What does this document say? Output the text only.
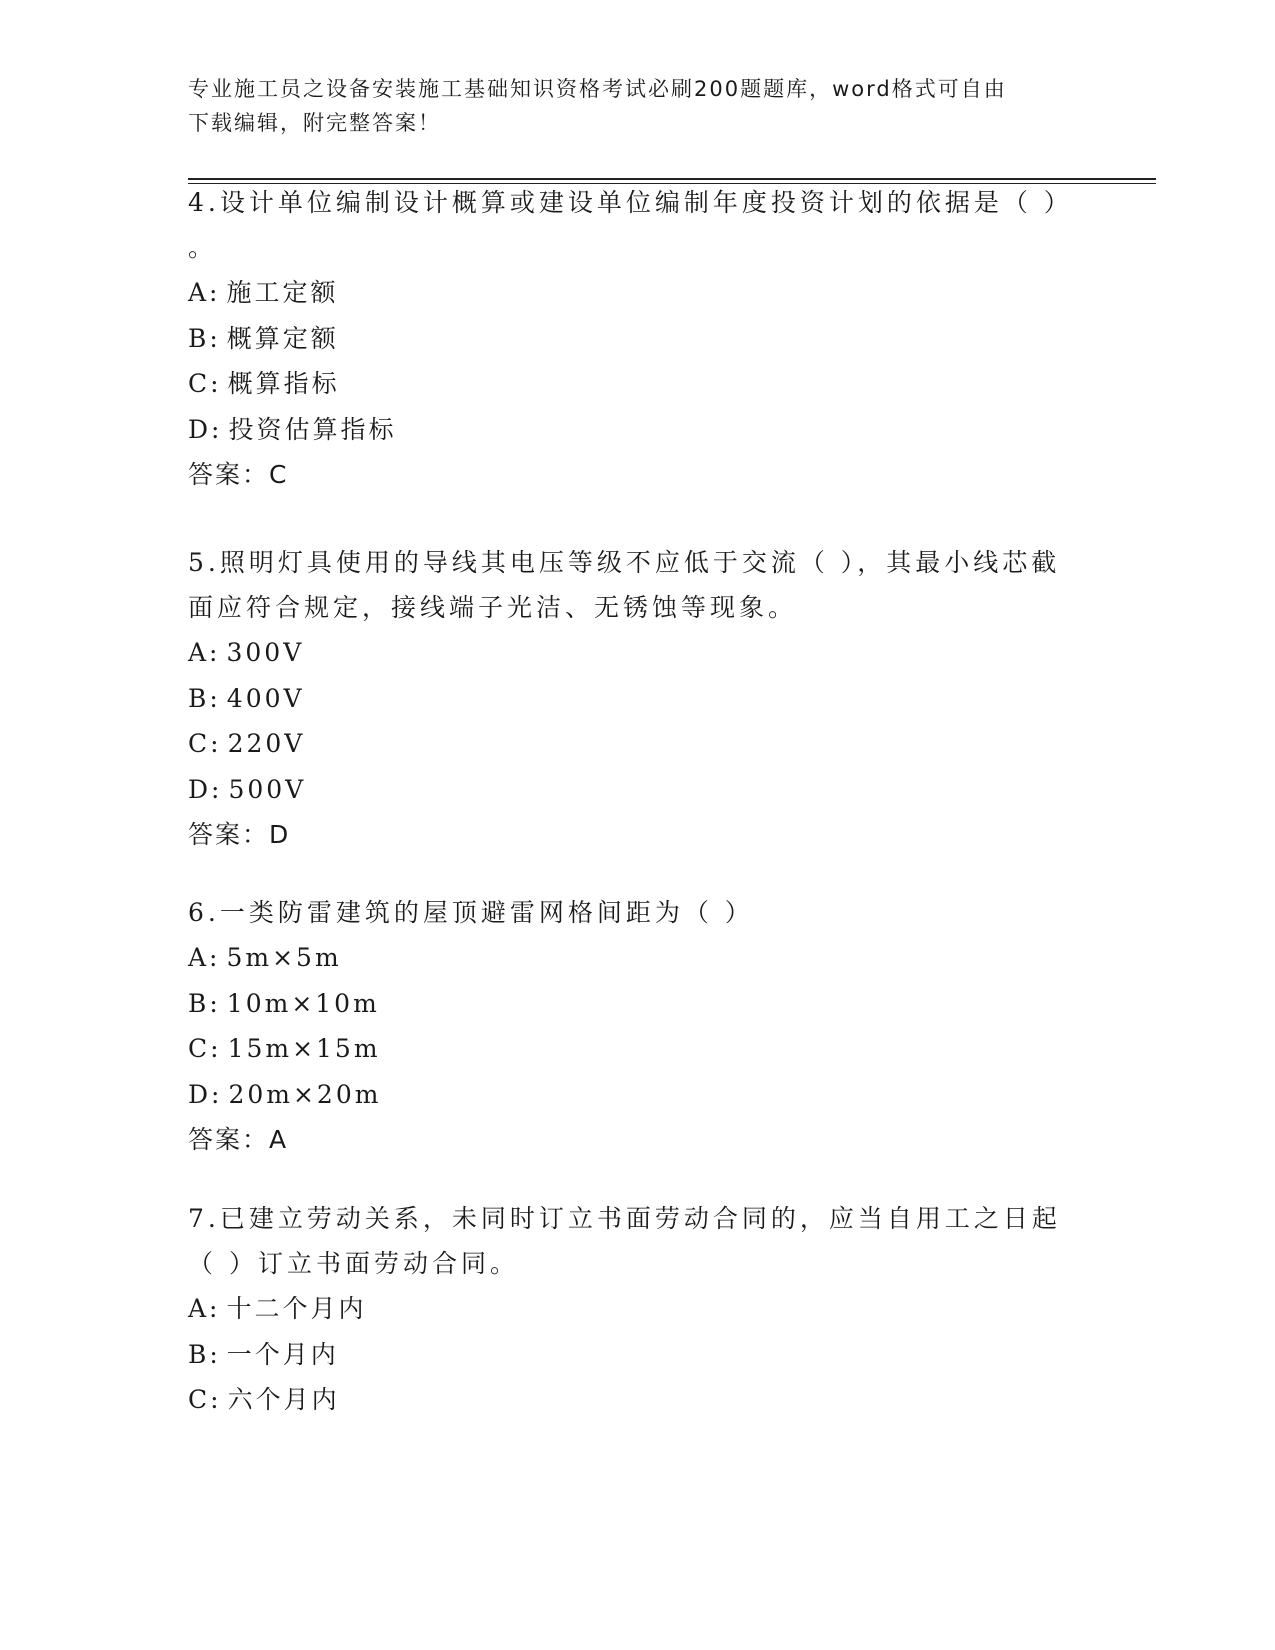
专业施工员之设备安装施工基础知识资格考试必刷200题题库，word格式可自由
下载编辑，附完整答案！
4.设计单位编制设计概算或建设单位编制年度投资计划的依据是（ ）
。
A: 施工定额
B: 概算定额
C: 概算指标
D: 投资估算指标
答案：C
5.照明灯具使用的导线其电压等级不应低于交流（ ），其最小线芯截
面应符合规定，接线端子光洁、无锈蚀等现象。
A: 300V
B: 400V
C: 220V
D: 500V
答案：D
6.一类防雷建筑的屋顶避雷网格间距为（ ）
A: 5m×5m
B: 10m×10m
C: 15m×15m
D: 20m×20m
答案：A
7.已建立劳动关系，未同时订立书面劳动合同的，应当自用工之日起
（ ）订立书面劳动合同。
A: 十二个月内
B: 一个月内
C: 六个月内
